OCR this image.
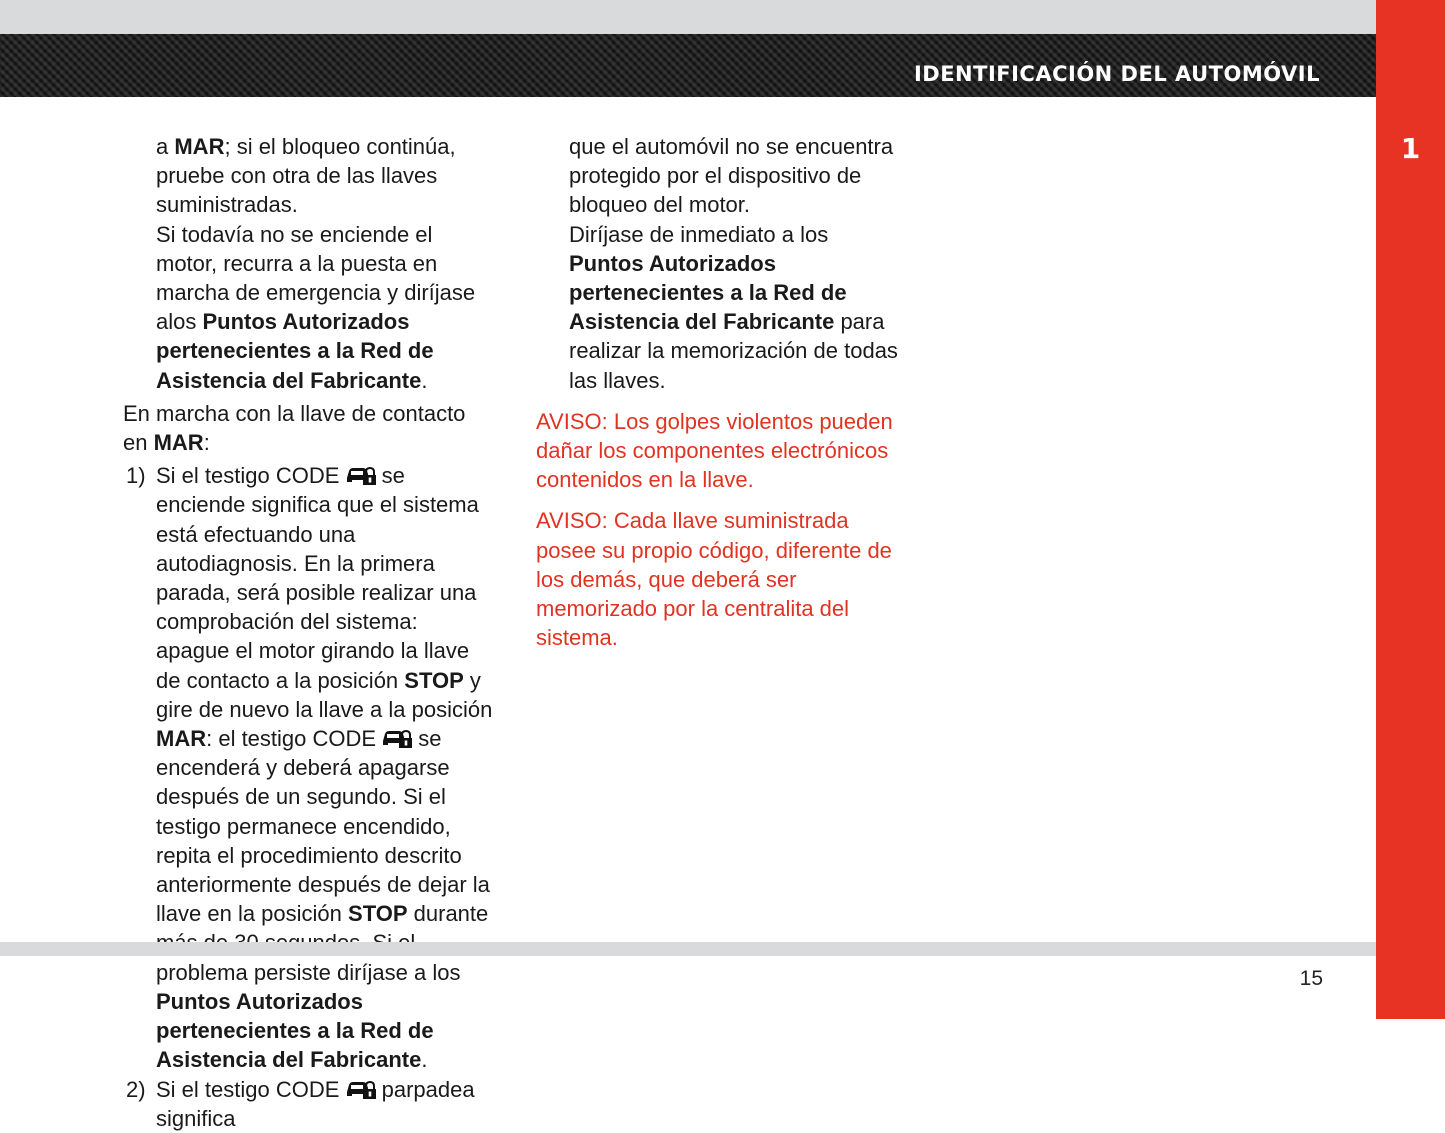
IDENTIFICACIÓN DEL AUTOMÓVIL
1

a MAR; si el bloqueo continúa, pruebe con otra de las llaves suministradas.

Si todavía no se enciende el motor, recurra a la puesta en marcha de emergencia y diríjase alos Puntos Autorizados pertenecientes a la Red de Asistencia del Fabricante.

En marcha con la llave de contacto en MAR:

1) Si el testigo CODE  se enciende significa que el sistema está efectuando una autodiagnosis. En la primera parada, será posible realizar una comprobación del sistema: apague el motor girando la llave de contacto a la posición STOP y gire de nuevo la llave a la posición MAR: el testigo CODE  se encenderá y deberá apagarse después de un segundo. Si el testigo permanece encendido, repita el procedimiento descrito anteriormente después de dejar la llave en la posición STOP durante problema persiste diríjase a los Puntos Autorizados pertenecientes a la Red de Asistencia del Fabricante.
2) Si el testigo CODE  parpadea significa

que el automóvil no se encuentra protegido por el dispositivo de bloqueo del motor.

Diríjase de inmediato a los Puntos Autorizados pertenecientes a la Red de Asistencia del Fabricante para realizar la memorización de todas las llaves.

AVISO: Los golpes violentos pueden dañar los componentes electrónicos contenidos en la llave.

AVISO: Cada llave suministrada posee su propio código, diferente de los demás, que deberá ser memorizado por la centralita del sistema.

15
